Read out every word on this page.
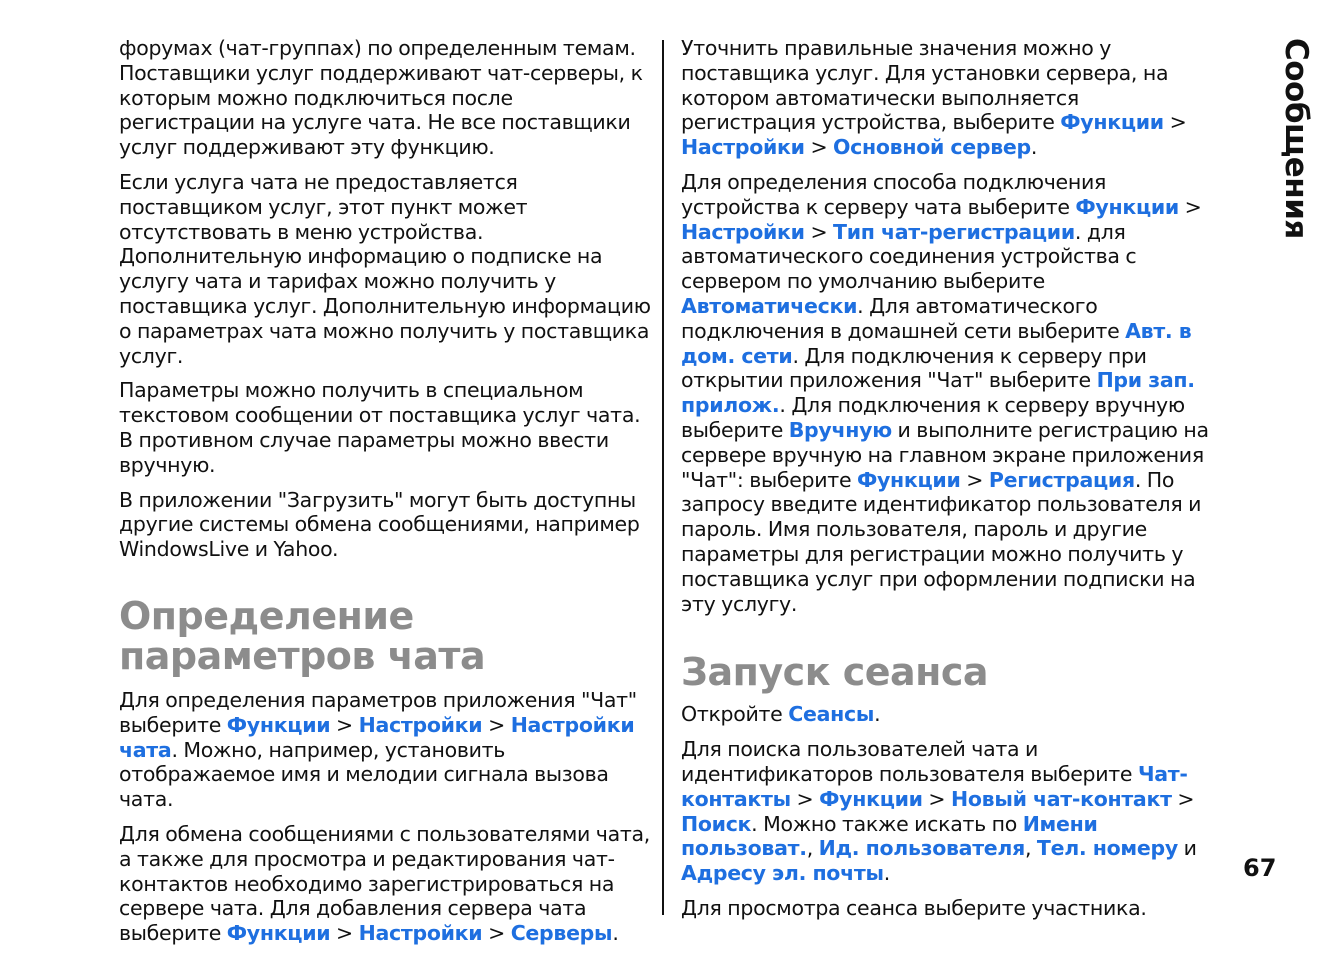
форумах (чат-группах) по определенным темам. Поставщики услуг поддерживают чат-серверы, к которым можно подключиться после регистрации на услуге чата. Не все поставщики услуг поддерживают эту функцию.

Если услуга чата не предоставляется поставщиком услуг, этот пункт может отсутствовать в меню устройства. Дополнительную информацию о подписке на услугу чата и тарифах можно получить у поставщика услуг. Дополнительную информацию о параметрах чата можно получить у поставщика услуг.

Параметры можно получить в специальном текстовом сообщении от поставщика услуг чата. В противном случае параметры можно ввести вручную.

В приложении "Загрузить" могут быть доступны другие системы обмена сообщениями, например WindowsLive и Yahoo.

Определение параметров чата

Для определения параметров приложения "Чат" выберите Функции > Настройки > Настройки чата. Можно, например, установить отображаемое имя и мелодии сигнала вызова чата.

Для обмена сообщениями с пользователями чата, а также для просмотра и редактирования чат-контактов необходимо зарегистрироваться на сервере чата. Для добавления сервера чата выберите Функции > Настройки > Серверы.

Уточнить правильные значения можно у поставщика услуг. Для установки сервера, на котором автоматически выполняется регистрация устройства, выберите Функции > Настройки > Основной сервер.

Для определения способа подключения устройства к серверу чата выберите Функции > Настройки > Тип чат-регистрации. для автоматического соединения устройства с сервером по умолчанию выберите Автоматически. Для автоматического подключения в домашней сети выберите Авт. в дом. сети. Для подключения к серверу при открытии приложения "Чат" выберите При зап. прилож.. Для подключения к серверу вручную выберите Вручную и выполните регистрацию на сервере вручную на главном экране приложения "Чат": выберите Функции > Регистрация. По запросу введите идентификатор пользователя и пароль. Имя пользователя, пароль и другие параметры для регистрации можно получить у поставщика услуг при оформлении подписки на эту услугу.

Запуск сеанса

Откройте Сеансы.

Для поиска пользователей чата и идентификаторов пользователя выберите Чат-контакты > Функции > Новый чат-контакт > Поиск. Можно также искать по Имени пользоват., Ид. пользователя, Тел. номеру и Адресу эл. почты.

Для просмотра сеанса выберите участника.

Сообщения
67
